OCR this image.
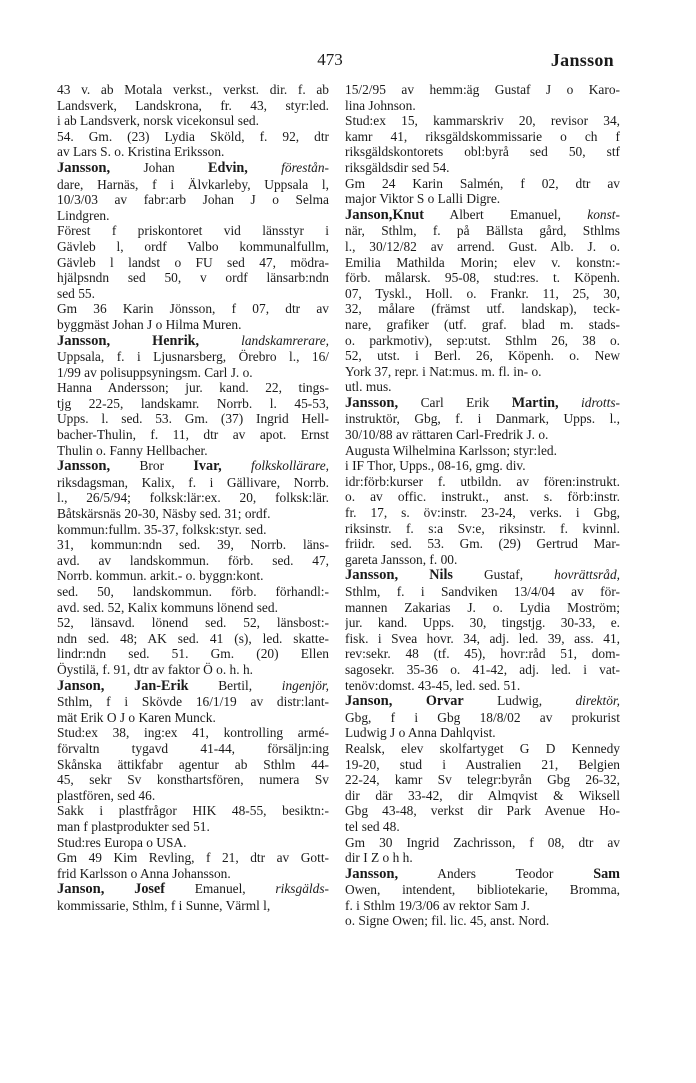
473	Jansson
43 v. ab Motala verkst., verkst. dir. f. ab
Landsverk, Landskrona, fr. 43, styr:led.
i ab Landsverk, norsk vicekonsul sed.
54. Gm. (23) Lydia Sköld, f. 92, dtr
av Lars S. o. Kristina Eriksson.
Jansson, Johan Edvin, förestån-
dare, Harnäs, f i Älvkarleby, Uppsala l,
10/3/03 av fabr:arb Johan J o Selma
Lindgren.
Förest f priskontoret vid länsstyr i
Gävleb l, ordf Valbo kommunalfullm,
Gävleb l landst o FU sed 47, mödra-
hjälpsndn sed 50, v ordf länsarb:ndn
sed 55.
Gm 36 Karin Jönsson, f 07, dtr av
byggmäst Johan J o Hilma Muren.
Jansson,	Henrik, landskamrerare,
Uppsala, f. i Ljusnarsberg, Örebro l., 16/
1/99 av polisuppsyningsm. Carl J. o.
Hanna Andersson; jur. kand. 22, tings-
tjg 22-25, landskamr. Norrb. l. 45-53,
Upps. l. sed. 53. Gm. (37) Ingrid Hell-
bacher-Thulin, f. 11, dtr av apot. Ernst
Thulin o. Fanny Hellbacher.
Jansson, Bror Ivar, folkskollärare,
riksdagsman, Kalix, f. i Gällivare, Norrb.
l., 26/5/94; folksk:lär:ex. 20, folksk:lär.
Båtskärsnäs 20-30, Näsby sed. 31; ordf.
kommun:fullm. 35-37, folksk:styr. sed.
31, kommun:ndn sed. 39, Norrb. läns-
avd. av landskommun. förb. sed. 47,
Norrb. kommun. arkit.- o. byggn:kont.
sed. 50, landskommun. förb. förhandl:-
avd. sed. 52, Kalix kommuns lönend sed.
52, länsavd. lönend sed. 52, länsbost:-
ndn sed. 48; AK sed. 41 (s), led. skatte-
lindr:ndn sed. 51. Gm. (20) Ellen
Öystilä, f. 91, dtr av faktor Ö o. h. h.
Janson, Jan-Erik Bertil, ingenjör,
Sthlm, f i Skövde 16/1/19 av distr:lant-
mät Erik O J o Karen Munck.
Stud:ex 38, ing:ex 41, kontrolling armé-
förvaltn tygavd 41-44, försäljn:ing
Skånska ättikfabr agentur ab Sthlm 44-
45, sekr Sv konsthartsfören, numera Sv
plastfören, sed 46.
Sakk i plastfrågor HIK 48-55, besiktn:-
man f plastprodukter sed 51.
Stud:res Europa o USA.
Gm 49 Kim Revling, f 21, dtr av Gott-
frid Karlsson o Anna Johansson.
Janson, Josef Emanuel, riksgälds-
kommissarie, Sthlm, f i Sunne, Värml l,
15/2/95 av hemm:äg Gustaf J o Karo-
lina Johnson.
Stud:ex 15, kammarskriv 20, revisor 34,
kamr 41, riksgäldskommissarie o ch f
riksgäldskontorets obl:byrå sed 50, stf
riksgäldsdir sed 54.
Gm 24 Karin Salmén, f 02, dtr av
major Viktor S o Lalli Digre.
Janson,Knut Albert Emanuel, konst-
när, Sthlm, f. på Bällsta gård, Sthlms
l., 30/12/82 av arrend. Gust. Alb. J. o.
Emilia Mathilda Morin; elev v. konstn:-
förb. målarsk. 95-08, stud:res. t. Köpenh.
07, Tyskl., Holl. o. Frankr. 11, 25, 30,
32, målare (främst utf. landskap), teck-
nare, grafiker (utf. graf. blad m. stads-
o. parkmotiv), sep:utst. Sthlm 26, 38 o.
52, utst. i Berl. 26, Köpenh. o. New
York 37, repr. i Nat:mus. m. fl. in- o.
utl. mus.
Jansson, Carl Erik Martin, idrotts-
instruktör, Gbg, f. i Danmark, Upps. l.,
30/10/88 av rättaren Carl-Fredrik J. o.
Augusta Wilhelmina Karlsson; styr:led.
i IF Thor, Upps., 08-16, gmg. div.
idr:förb:kurser f. utbildn. av fören:instrukt.
o. av offic. instrukt., anst. s. förb:instr.
fr. 17, s. öv:instr. 23-24, verks. i Gbg,
riksinstr. f. s:a Sv:e, riksinstr. f. kvinnl.
friidr. sed. 53. Gm. (29) Gertrud Mar-
gareta Jansson, f. 00.
Jansson, Nils Gustaf, hovrättsråd,
Sthlm, f. i Sandviken 13/4/04 av för-
mannen Zakarias J. o. Lydia Moström;
jur. kand. Upps. 30, tingstjg. 30-33, e.
fisk. i Svea hovr. 34, adj. led. 39, ass. 41,
rev:sekr. 48 (tf. 45), hovr:råd 51, dom-
sagosekr. 35-36 o. 41-42, adj. led. i vat-
tenöv:domst. 43-45, led. sed. 51.
Janson, Orvar Ludwig, direktör,
Gbg, f i Gbg 18/8/02 av prokurist
Ludwig J o Anna Dahlqvist.
Realsk, elev skolfartyget G D Kennedy
19-20, stud i Australien 21, Belgien
22-24, kamr Sv telegr:byrån Gbg 26-32,
dir där 33-42, dir Almqvist & Wiksell
Gbg 43-48, verkst dir Park Avenue Ho-
tel sed 48.
Gm 30 Ingrid Zachrisson, f 08, dtr av
dir I Z o h h.
Jansson, Anders Teodor Sam
Owen, intendent, bibliotekarie, Bromma,
f. i Sthlm 19/3/06 av rektor Sam J.
o. Signe Owen; fil. lic. 45, anst. Nord.
